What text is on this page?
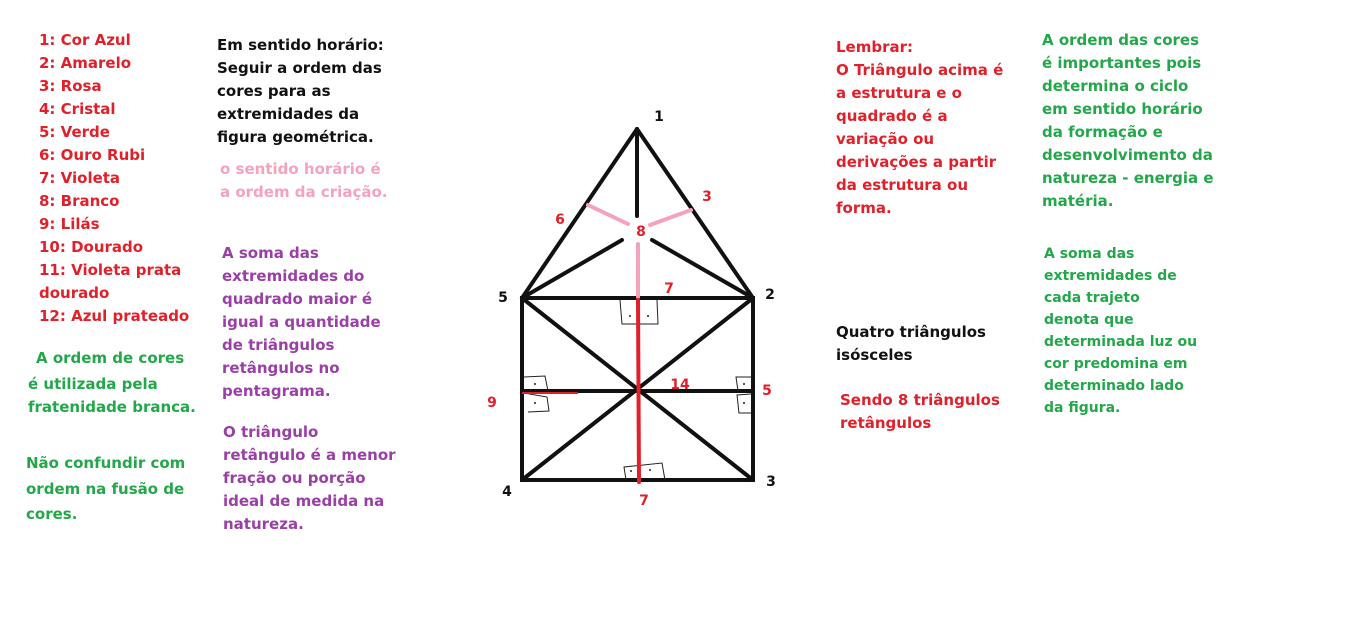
1: Cor Azul
2: Amarelo
3: Rosa
4: Cristal
5: Verde
6: Ouro Rubi
7: Violeta
8: Branco
9: Lilás
10: Dourado
11: Violeta prata
dourado
12: Azul prateado
A ordem de cores
é utilizada pela
fratenidade branca.
Não confundir com
ordem na fusão de
cores.
Em sentido horário:
Seguir a ordem das
cores para as
extremidades da
figura geométrica.
o sentido horário é
a ordem da criação.
A soma das
extremidades do
quadrado maior é
igual a quantidade
de triângulos
retângulos no
pentagrama.
O triângulo
retângulo é a menor
fração ou porção
ideal de medida na
natureza.
Lembrar:
O Triângulo acima é
a estrutura e o
quadrado é a
variação ou
derivações a partir
da estrutura ou
forma.
Quatro triângulos
isósceles
Sendo 8 triângulos
retângulos
A ordem das cores
é importantes pois
determina o ciclo
em sentido horário
da formação e
desenvolvimento da
natureza - energia e
matéria.
A soma das
extremidades de
cada trajeto
denota que
determinada luz ou
cor predomina em
determinado lado
da figura.
1
2
3
4
5
3
6
8
7
14	5
9
7
